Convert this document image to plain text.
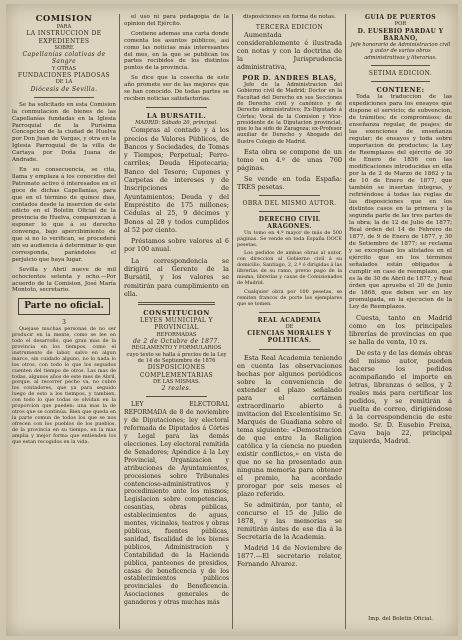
COMISION
PARA
LA INSTRUCCION DE EXPEDIENTES
SOBRE
Capellanías colativas de Sangre
Y OTRAS
FUNDACIONES PIADOSAS
DE LA
Diócesis de Sevilla.

Se ha solicitado en esta Comision la conmutacion de bienes de las Capellanías fundadas en la Iglesia Parroquial de la Purísima Concepcion de la ciudad de Huelva por Don Juan de Vargas, y otra en la Iglesia Parroquial de la villa de Cartaya por Doña Juana de Andrade.

En su consecuencia, se cita, llama y emplaza á los conocidos del Patronato activo ó interesados en el goce de dichas Capellanías, para que en el término de quince dias, contados desde la insercion de este edicto en el Boletin Oficial de la provincia de Huelva, comparezcan á esponer lo que á su derecho convenga, bajo apercibimiento de que si no lo verifican, se procederá sin su audiencia á determinar lo que corresponda, parándoles el perjuicio que haya lugar.

Sevilla y Abril nueve de mil ochocientos setenta y ocho.—Por acuerdo de la Comision, José María Montoto, secretario.

Parte no oficial.
3

Quejase muchas personas de no ser producir en la mente, como se lee en todo el desarrollo, que gran mas de la provincia en los tiempos, como el instrumento de labor, salvo en algun marco, sin cuidado alguno, no lo nada lo los otros, con todo lo que los seguidos cuenten del tiempo de otros. Las mas de todas, algunos años de este mes de Abril, porque, al recorrer pecho va, no cubre los contadores, que ya para seguido luego de esto a los tiempos, y tambien, con todo lo que todas se olvidan en la proporcion que pueden: una mas la de otros que se continúa. Bien que queda en la parte comun de todos los que se nos ofrecen con los pueblos de los pueblos, de la provincia en su tiempo, en la mas amplia y mejor forma que entienden los que estan recogidos en la vida.

el uso ni para pedagogía de la opinion del Ejército.

Contiene ademas una carta donde comenta los asuntos públicos, así como las noticias más interesantes del mes, en la que se publican los partes recibidos de los distintos puntos de la provincia.

Se dice que la cosecha de este año promete ser de las mejores que se han conocido. De todas partes se reciben noticias satisfactorias.

LA BURSATIL.
MADRID: Sábado 20, principal.

Compras al contado y á los precios de Valores Públicos, de Bancos y Sociedades, de Tomas y Tiempos; Perpetual; Ferro-carriles; Deuda Hipotecaria; Banco del Tesoro; Cupones y Carpetas de intereses y de Inscripciones de Ayuntamientos; Deuda y del Empréstito de 175 millones; Cédulas al 25, 9 décimos y Bonos al 28 y todos cumplidos al 52 por ciento.

Préstamos sobre valores al 6 por 100 anual.

La correspondencia se dirigirá al Gerente de la Bursátil, y los valores se remitirán para cumplimiento en ella.

CONSTITUCION
LEYES MUNICIPAL Y PROVINCIAL
REFORMADAS
de 2 de Octubre de 1877.
REGLAMENTO Y FORMULARIOS
cuyo texto se halla á precios de la Ley de 14 de Septiembre de 1876
DISPOSICIONES COMPLEMENTARIAS
DE LAS MISMAS.
2 reales.

LEY ELECTORAL REFORMADA de 8 de noviembre y de Diputaciones; ley electoral reformada de Diputados á Córtes y Legal para las demás elecciones. Ley electoral remitida de Senadores; Apéndice á la Ley Provincial, Organizacion y atribuciones de Ayuntamientos, procesiones sobre Tribunales contencioso-administrativos y procedimiento ante los mismos; Legislacion sobre competencias, cesantías, obras públicas, establecimientos de aguas, montes, vicinales, teatros y obras públicas, fuentes públicas, sanidad, fiscalidad de los bienes públicos, Administracion y Contabilidad de la Hacienda pública, panteones de presidios, casas de beneficencia y de los establecimientos públicos provinciales de Beneficencia. Asociaciones generales de ganaderos y otras muchas más

disposiciones en forma de notas.

TERCERA EDICION

Aumentada considerablemente é ilustrada con notas y con la doctrina de la Jurisprudencia administrativa,

POR D. ANDRES BLAS,

Jefe de la Administracion del Gobierno civil de Madrid; Doctor en la Facultad del Derecho en sus Secciones de Derecho civil y canónico y de Derecho administrativo; Ex-Diputado á Córtes; Vocal de la Comision y Vice-presidente de la Diputacion provincial, que lo ha sido de Zaragoza; ex-Profesor auxiliar de Derecho y Abogado del Ilustre Colegio de Madrid.

Esta obra se compone de un tomo en 4.º de unas 760 páginas.

Se vende en toda España: TRES pesetas.

OBRA DEL MISMO AUTOR.
DERECHO CIVIL ARAGONES.

Un tomo en 4.º mayor de más de 500 páginas. Se vende en toda España DOCE pesetas.

Los pedidos de ambas obras al autor, con direccion al Gobierno civil á su domicilio, Santiago, 2, 2.º ó dirigidas á las librerías de su ramo, previo pago de la misma, librerías y casas de Comisionados de Madrid.

Cualquier obra por 100 pesetas, se remiten francos de porte los ejemplares que se tomen.

REAL ACADEMIA
DE
CIENCIAS MORALES Y POLITICAS.

Esta Real Academia teniendo en cuenta las observaciones hechas por algunos periódicos sobre la conveniencia de extender el plazo señalado para el certámen extraordinario abierto á invitacion del Excelentísimo Sr. Marqués de Guadiana sobre el tema siguiente: «Demostracion de que entre la Religion católica y la ciencia no pueden existir conflictos,» en vista de que no se ha presentado aun ninguna memoria para obtener el premio, ha acordado prorogar por seis meses el plazo referido.

Se admitirán, por tanto, el concurso el 15 de Julio de 1878, y las memorias se remitirán ántes de ese día á la Secretaría de la Academia.

Madrid 14 de Noviembre de 1877.—El secretario relator, Fernando Alvarez.

GUIA DE PUERTOS
POR
D. EUSEBIO PARDAU Y BARANO,
Jefe honorario de Administracion civil y autor de varias obras administrativas y literarias.
SETIMA EDICION.
CONTIENE:

Toda la traduccion de las expediciones para los ensayos que dispone el servicio; de subvencion, de trámites; de compromisos; de enseñanza regular, de peajes; de las exenciones de enseñanza regular; de ensayos y toda sobre importacion de productos; la Ley de Reemplazos del ejército de 30 de Enero de 1856 con las modificaciones introducidas en ella por la de 2 de Marzo de 1862 y la de 10 de Enero de 1877, que también se insertan íntegras, y refiriéndose á todas las reglas de las disposiciones que en los distintos casos en la primera y la segunda parte de las tres partes de la obra; la de 12 de Julio de 1877; Real órden del 14 de Febrero de 1877, de 9 de Enero de 1877, y 30 de Setiembre de 1877; se reclama y se exceptuan los alistados en el ejército que en los términos señalados están obligados á cumplir en caso de reemplazo, que es la de 30 de Abril de 1877, y Real órden que aprueba el 20 de Junio de 1868, que deben ser en ley promulgada, en la ejecucion de la Ley de Reemplazos.

Cuesta, tanto en Madrid como en los principales librerías de provincias en que se halla de venta, 10 rs.

De esta y de las demás obras del mismo autor, pueden hacerse los pedidos acompañando el importe en letras, libranzas ó sellos, y 2 reales más para certificar los pedidos, y se remitirán á vuelta de correo, dirigiéndose á la correspondencia de este modo. Sr. D. Eusebio Freixa, Cava baja 22, principal izquierda, Madrid.

Imp. del Boletin Oficial.
